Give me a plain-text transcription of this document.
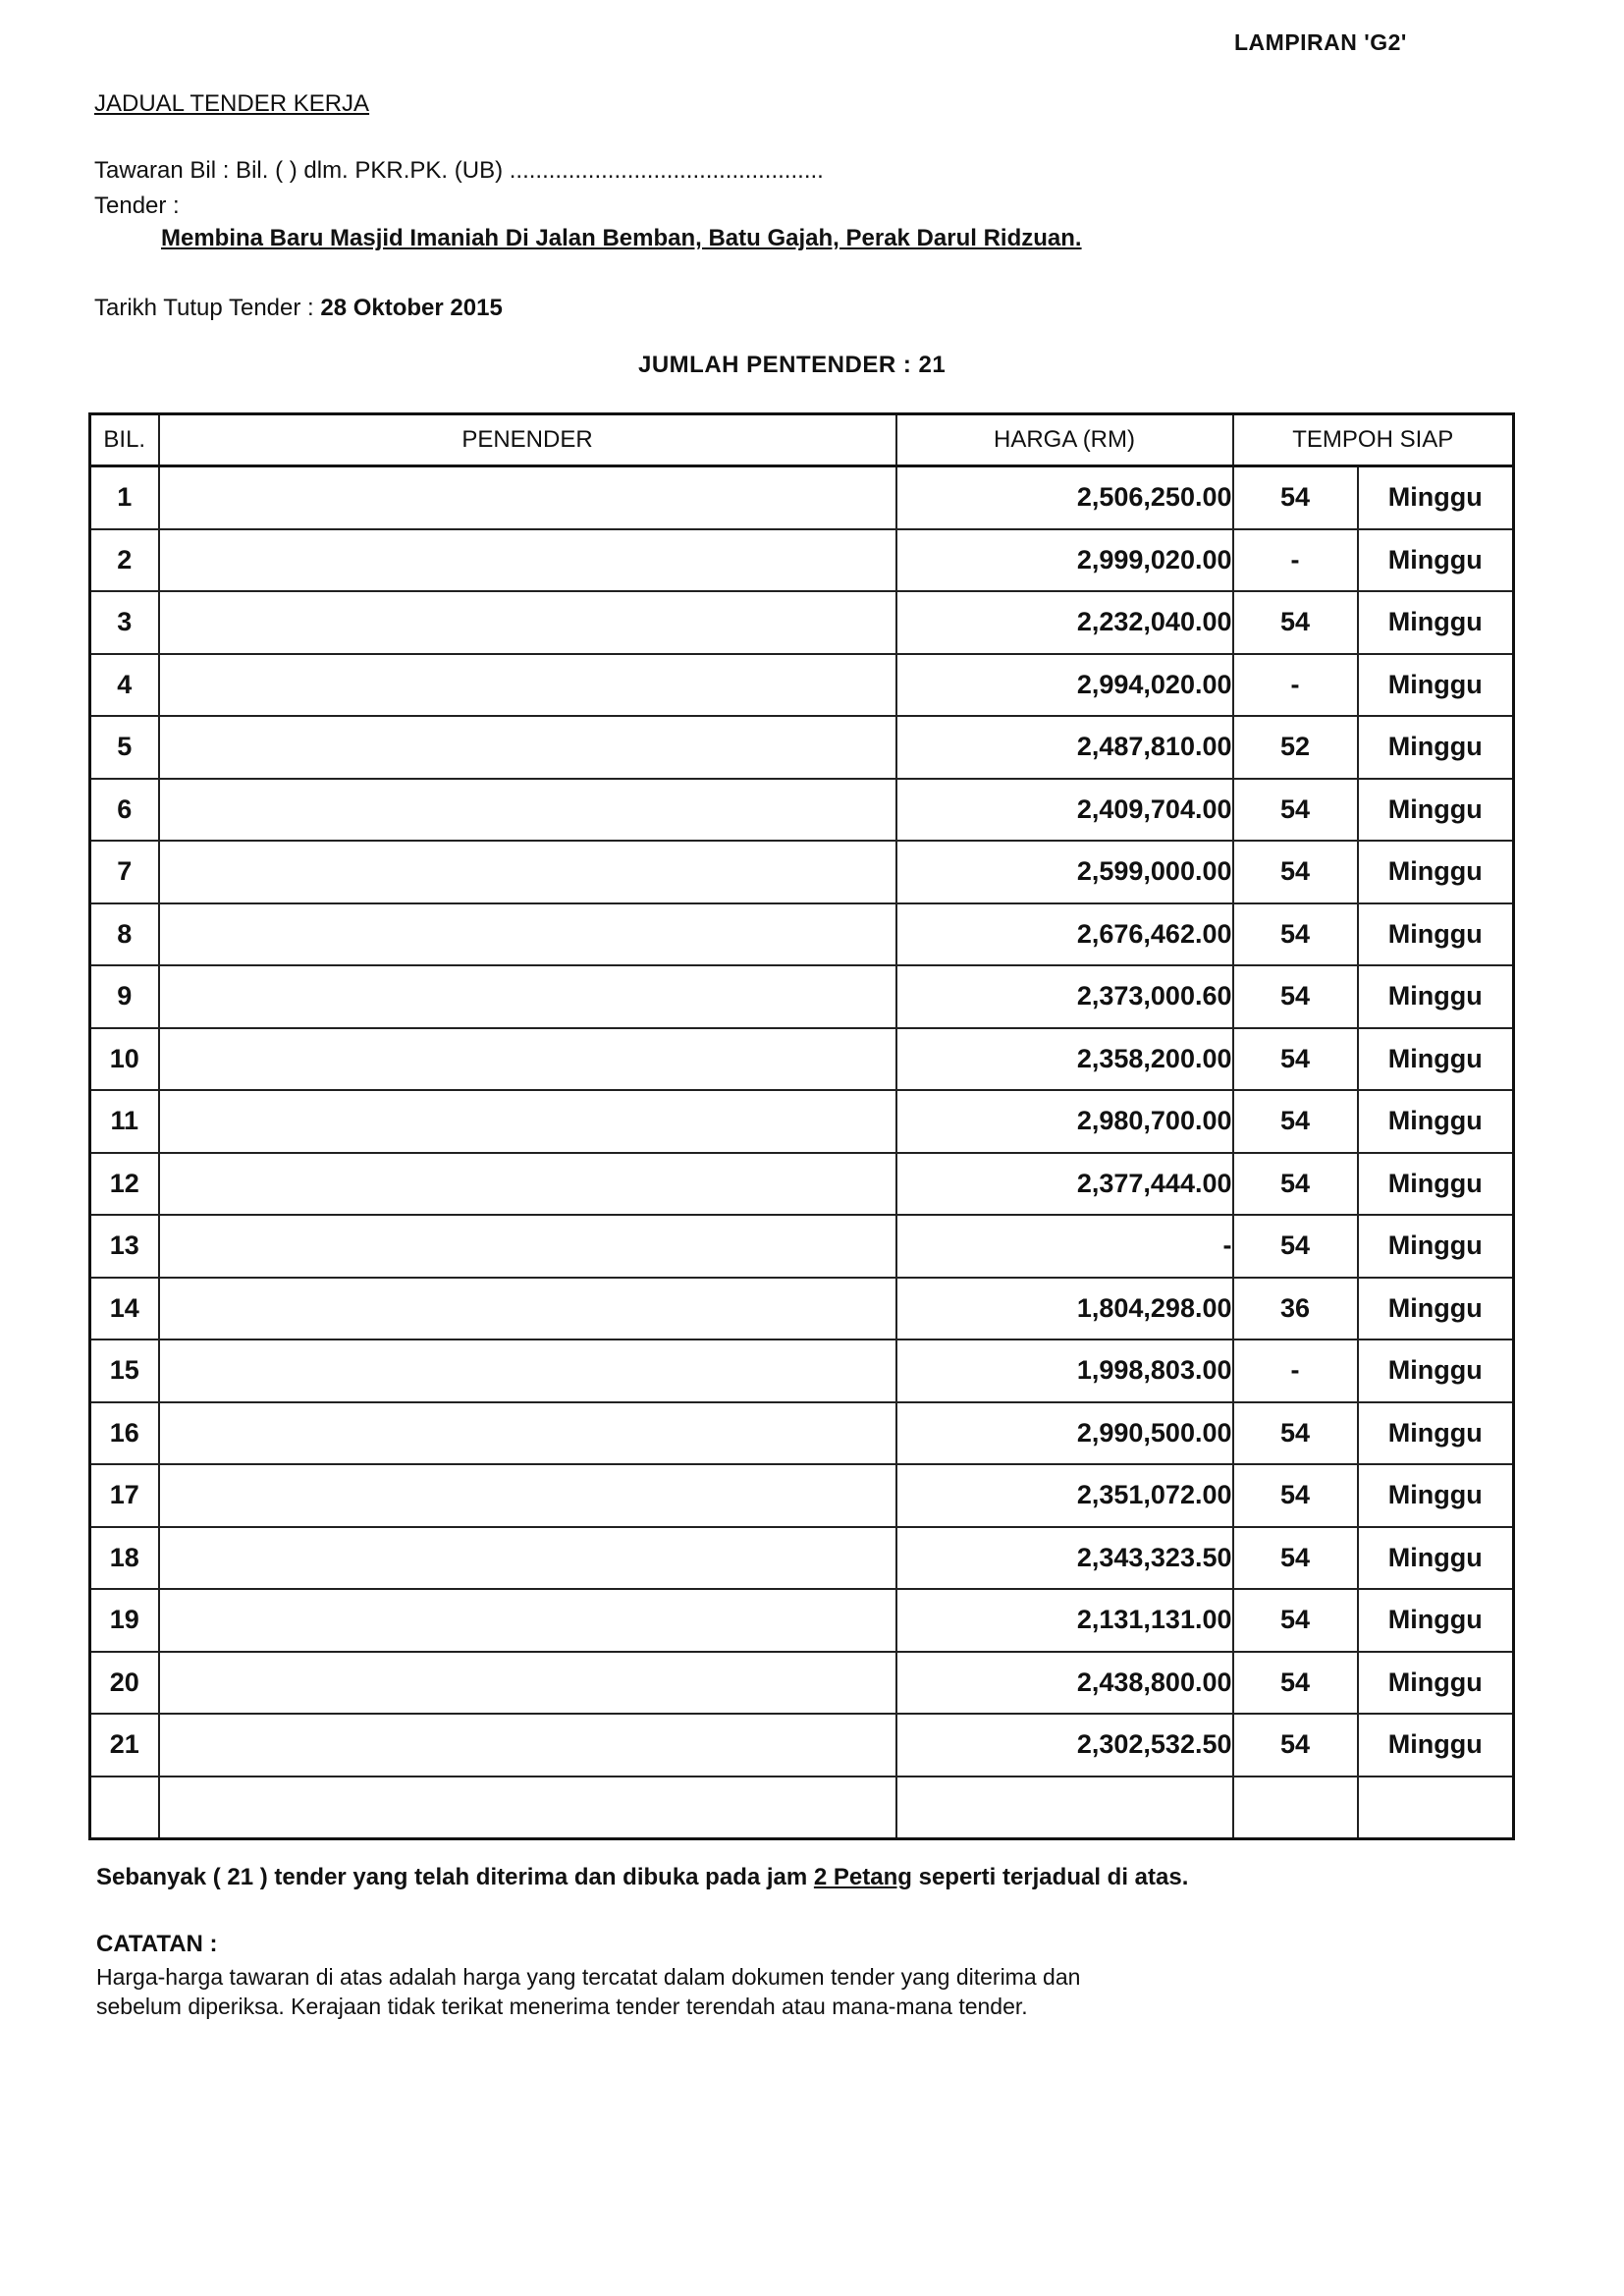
LAMPIRAN 'G2'
JADUAL TENDER KERJA
Tawaran Bil : Bil. ( ) dlm. PKR.PK. (UB) ................................................
Tender :
Membina Baru Masjid Imaniah Di Jalan Bemban, Batu Gajah, Perak Darul Ridzuan.
Tarikh Tutup Tender : 28 Oktober 2015
JUMLAH PENTENDER : 21
BIL.	PENENDER	HARGA (RM)	TEMPOH SIAP	
1		2,506,250.00	54	Minggu
2		2,999,020.00	-	Minggu
3		2,232,040.00	54	Minggu
4		2,994,020.00	-	Minggu
5		2,487,810.00	52	Minggu
6		2,409,704.00	54	Minggu
7		2,599,000.00	54	Minggu
8		2,676,462.00	54	Minggu
9		2,373,000.60	54	Minggu
10		2,358,200.00	54	Minggu
11		2,980,700.00	54	Minggu
12		2,377,444.00	54	Minggu
13		-	54	Minggu
14		1,804,298.00	36	Minggu
15		1,998,803.00	-	Minggu
16		2,990,500.00	54	Minggu
17		2,351,072.00	54	Minggu
18		2,343,323.50	54	Minggu
19		2,131,131.00	54	Minggu
20		2,438,800.00	54	Minggu
21		2,302,532.50	54	Minggu

Sebanyak ( 21 ) tender yang telah diterima dan dibuka pada jam 2 Petang seperti terjadual di atas.
CATATAN :
Harga-harga tawaran di atas adalah harga yang tercatat dalam dokumen tender yang diterima dan
sebelum diperiksa. Kerajaan tidak terikat menerima tender terendah atau mana-mana tender.
